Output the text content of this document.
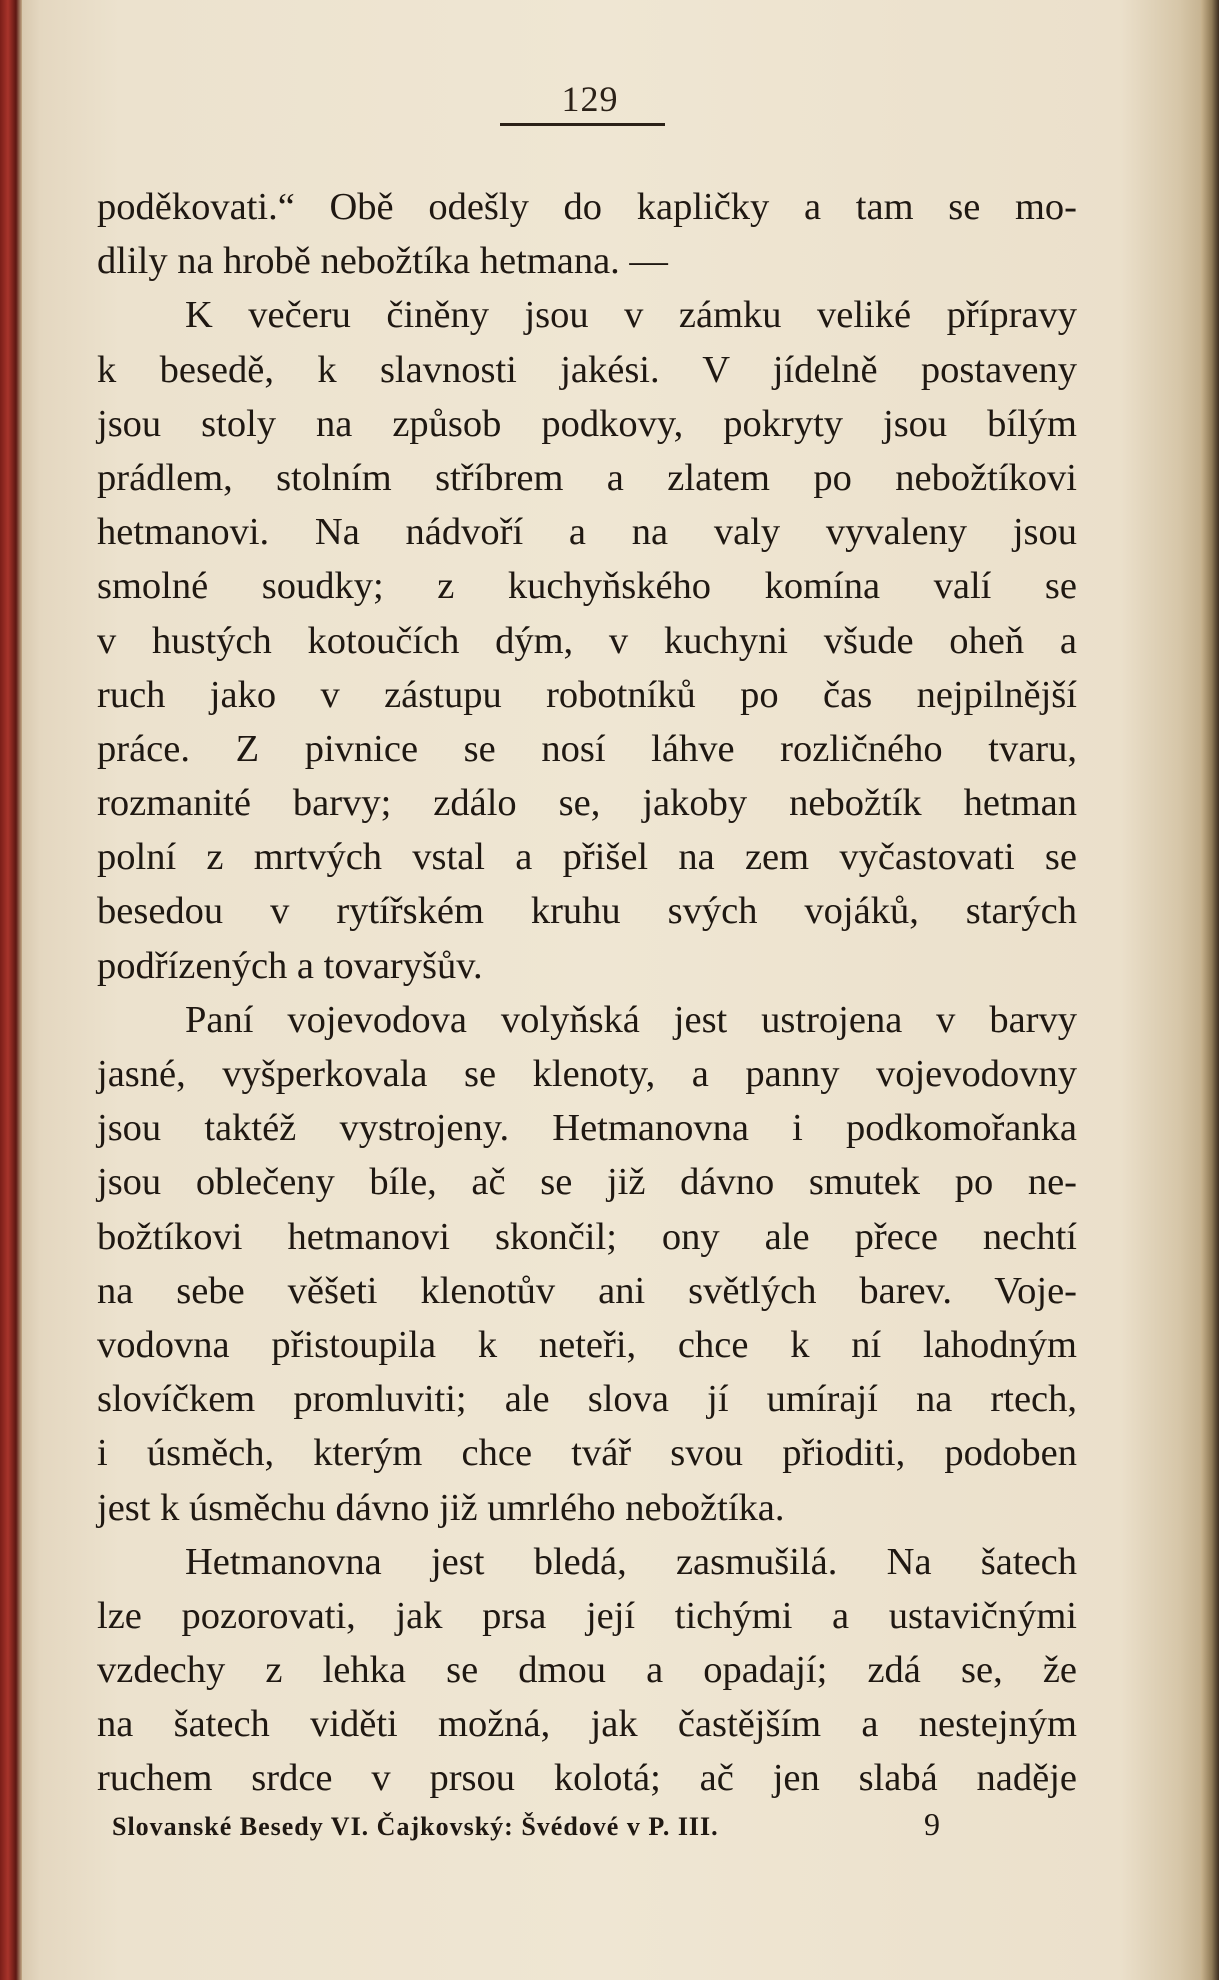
129
poděkovati.“ Obě odešly do kapličky a tam se mo-
dlily na hrobě nebožtíka hetmana. —
K večeru činěny jsou v zámku veliké přípravy
k besedě, k slavnosti jakési. V jídelně postaveny
jsou stoly na způsob podkovy, pokryty jsou bílým
prádlem, stolním stříbrem a zlatem po nebožtíkovi
hetmanovi. Na nádvoří a na valy vyvaleny jsou
smolné soudky; z kuchyňského komína valí se
v hustých kotoučích dým, v kuchyni všude oheň a
ruch jako v zástupu robotníků po čas nejpilnější
práce. Z pivnice se nosí láhve rozličného tvaru,
rozmanité barvy; zdálo se, jakoby nebožtík hetman
polní z mrtvých vstal a přišel na zem vyčastovati se
besedou v rytířském kruhu svých vojáků, starých
podřízených a tovaryšův.
Paní vojevodova volyňská jest ustrojena v barvy
jasné, vyšperkovala se klenoty, a panny vojevodovny
jsou taktéž vystrojeny. Hetmanovna i podkomořanka
jsou oblečeny bíle, ač se již dávno smutek po ne-
božtíkovi hetmanovi skončil; ony ale přece nechtí
na sebe věšeti klenotův ani světlých barev. Voje-
vodovna přistoupila k neteři, chce k ní lahodným
slovíčkem promluviti; ale slova jí umírají na rtech,
i úsměch, kterým chce tvář svou přioditi, podoben
jest k úsměchu dávno již umrlého nebožtíka.
Hetmanovna jest bledá, zasmušilá. Na šatech
lze pozorovati, jak prsa její tichými a ustavičnými
vzdechy z lehka se dmou a opadají; zdá se, že
na šatech viděti možná, jak častějším a nestejným
ruchem srdce v prsou kolotá; ač jen slabá naděje
Slovanské Besedy VI. Čajkovský: Švédové v P. III.	9
